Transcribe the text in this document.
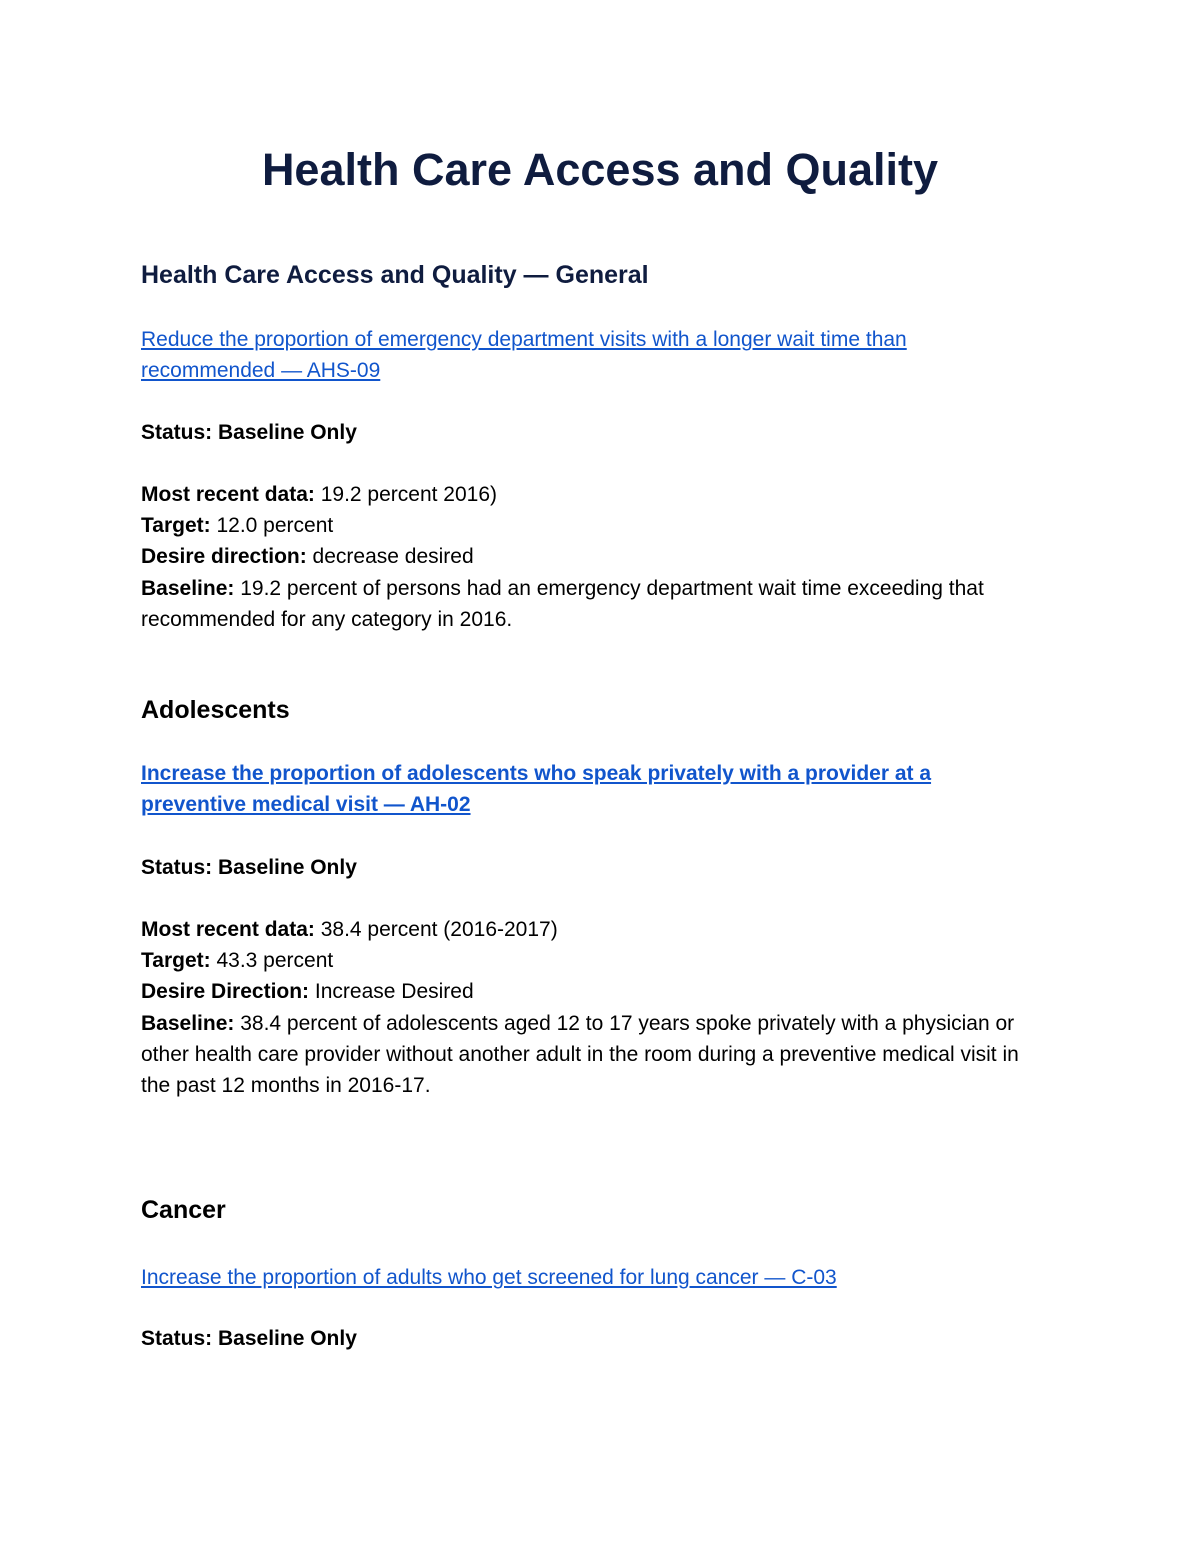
Health Care Access and Quality
Health Care Access and Quality — General
Reduce the proportion of emergency department visits with a longer wait time than recommended — AHS-09

Status: Baseline Only

Most recent data: 19.2 percent 2016)
Target: 12.0 percent
Desire direction: decrease desired
Baseline: 19.2 percent of persons had an emergency department wait time exceeding that recommended for any category in 2016.
Adolescents
Increase the proportion of adolescents who speak privately with a provider at a preventive medical visit — AH-02

Status: Baseline Only

Most recent data: 38.4 percent (2016-2017)
Target: 43.3 percent
Desire Direction: Increase Desired
Baseline: 38.4 percent of adolescents aged 12 to 17 years spoke privately with a physician or other health care provider without another adult in the room during a preventive medical visit in the past 12 months in 2016-17.
Cancer
Increase the proportion of adults who get screened for lung cancer — C-03

Status: Baseline Only
